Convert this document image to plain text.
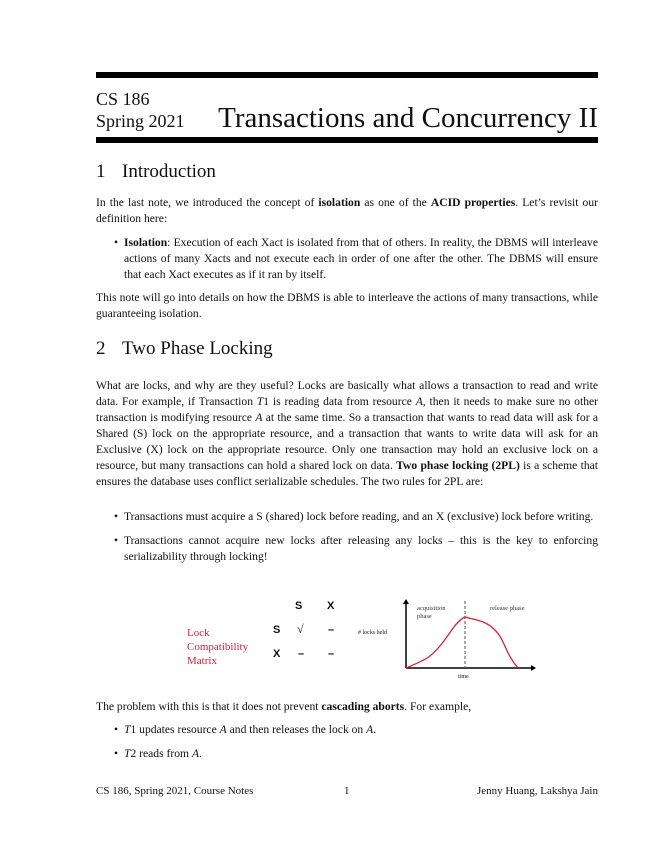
CS 186
Spring 2021 Transactions and Concurrency II
1 Introduction
In the last note, we introduced the concept of isolation as one of the ACID properties. Let’s revisit our definition here:
• Isolation: Execution of each Xact is isolated from that of others. In reality, the DBMS will interleave actions of many Xacts and not execute each in order of one after the other. The DBMS will ensure that each Xact executes as if it ran by itself.
This note will go into details on how the DBMS is able to interleave the actions of many transactions, while guaranteeing isolation.
2 Two Phase Locking
What are locks, and why are they useful? Locks are basically what allows a transaction to read and write data. For example, if Transaction T1 is reading data from resource A, then it needs to make sure no other transaction is modifying resource A at the same time. So a transaction that wants to read data will ask for a Shared (S) lock on the appropriate resource, and a transaction that wants to write data will ask for an Exclusive (X) lock on the appropriate resource. Only one transaction may hold an exclusive lock on a resource, but many transactions can hold a shared lock on data. Two phase locking (2PL) is a scheme that ensures the database uses conflict serializable schedules. The two rules for 2PL are:
• Transactions must acquire a S (shared) lock before reading, and an X (exclusive) lock before writing.
• Transactions cannot acquire new locks after releasing any locks – this is the key to enforcing serializability through locking!
Lock
Compatibility
Matrix
S X
S √ –
X – –
# locks held
acquisition
phase
release phase
time
The problem with this is that it does not prevent cascading aborts. For example,
• T1 updates resource A and then releases the lock on A.
• T2 reads from A.
CS 186, Spring 2021, Course Notes	1	Jenny Huang, Lakshya Jain
